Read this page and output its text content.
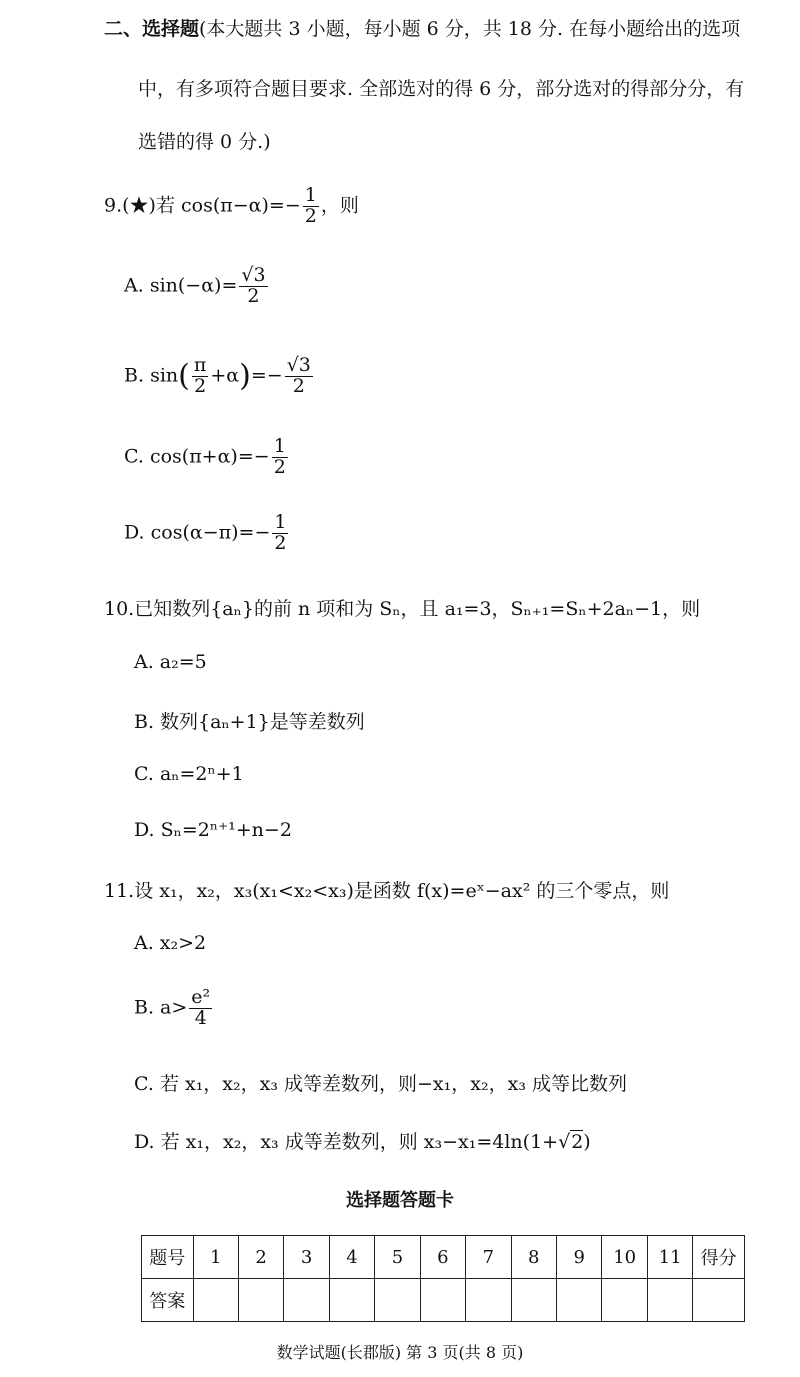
二、选择题(本大题共 3 小题，每小题 6 分，共 18 分. 在每小题给出的选项
中，有多项符合题目要求. 全部选对的得 6 分，部分选对的得部分分，有
选错的得 0 分.)
9.(★)若 $\cos(\pi-\alpha)=- \frac{1}{2}$ ，则
A. $\sin(-\alpha)= \frac{√3}{2}$
B. $\sin( \frac{\pi}{2} +\alpha)=- \frac{√3}{2}$
C. $\cos(\pi+\alpha)=- \frac{1}{2}$
D. $\cos(\alpha-\pi)=- \frac{1}{2}$
10.已知数列{aₙ}的前 n 项和为 Sₙ，且 a₁=3，Sₙ₊₁=Sₙ+2aₙ−1，则
A. a₂=5
B. 数列{aₙ+1}是等差数列
C. aₙ=2ⁿ+1
D. Sₙ=2ⁿ⁺¹+n−2
11.设 x₁，x₂，x₃(x₁<x₂<x₃)是函数 f(x)=eˣ−ax² 的三个零点，则
A. x₂>2
B. $a> \frac{\text{e²}}{4}$
C. 若 x₁，x₂，x₃ 成等差数列，则−x₁，x₂，x₃ 成等比数列
D. 若 x₁，x₂，x₃ 成等差数列，则 x₃−x₁=4ln(1+√2)
选择题答题卡
题号	1	2	3	4	5	6	7	8	9	10	11	得分
答案												
数学试题(长郡版) 第 3 页(共 8 页)
